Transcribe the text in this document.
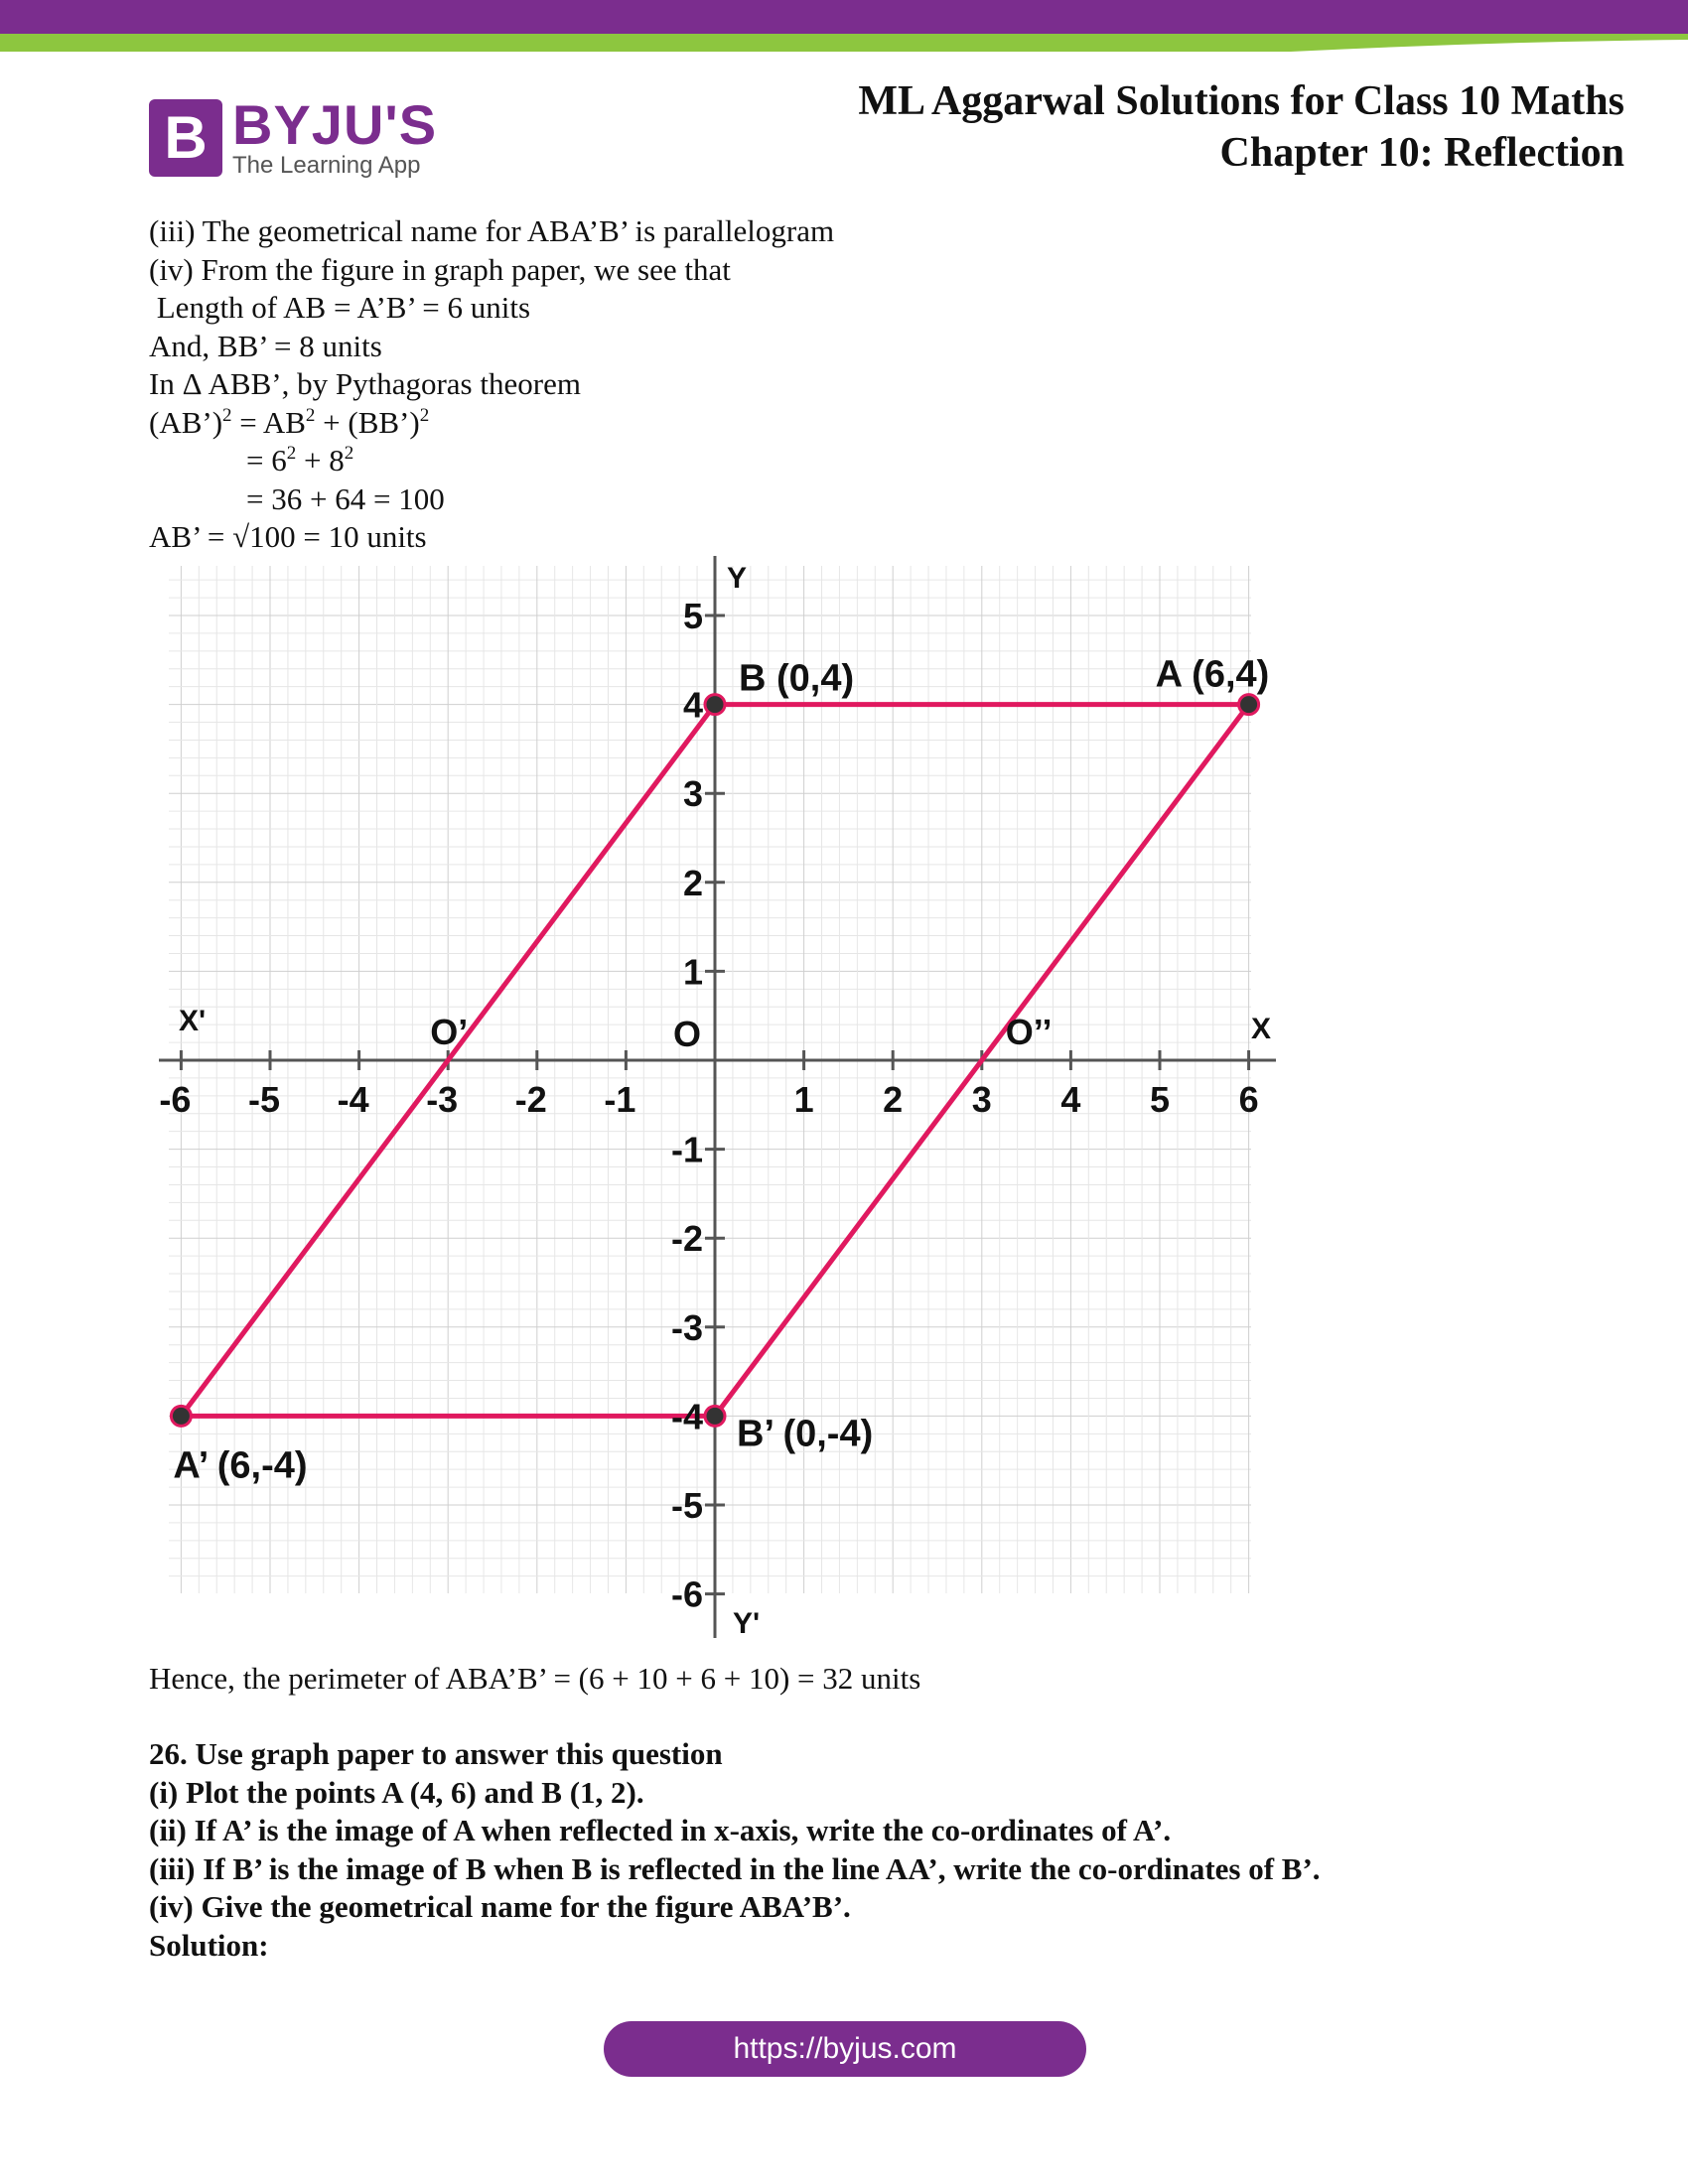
B BYJU'S
The Learning App
ML Aggarwal Solutions for Class 10 Maths
Chapter 10: Reflection
(iii) The geometrical name for ABA’B’ is parallelogram
(iv) From the figure in graph paper, we see that
Length of AB = A’B’ = 6 units
And, BB’ = 8 units
In Δ ABB’, by Pythagoras theorem
(AB’)$^2$ = $AB^2$ + (BB’)$^2$
= $6^2 + 8^2$
= 36 + 64 = 100
AB’ = √100 = 10 units
-6 -5 -4 -3 -2 -1	1 2 3 4 5 6
5
4
3
2
1
-1
-2
-3
-4
-5
-6
Y
Y'
X
X'	O
A (6,4)
B (0,4)
A’ (6,-4)
B’ (0,-4)
O’	O’’
Hence, the perimeter of ABA’B’ = (6 + 10 + 6 + 10) = 32 units
26. Use graph paper to answer this question
(i) Plot the points A (4, 6) and B (1, 2).
(ii) If A’ is the image of A when reflected in x-axis, write the co-ordinates of A’.
(iii) If B’ is the image of B when B is reflected in the line AA’, write the co-ordinates of B’.
(iv) Give the geometrical name for the figure ABA’B’.
Solution:
https://byjus.com
